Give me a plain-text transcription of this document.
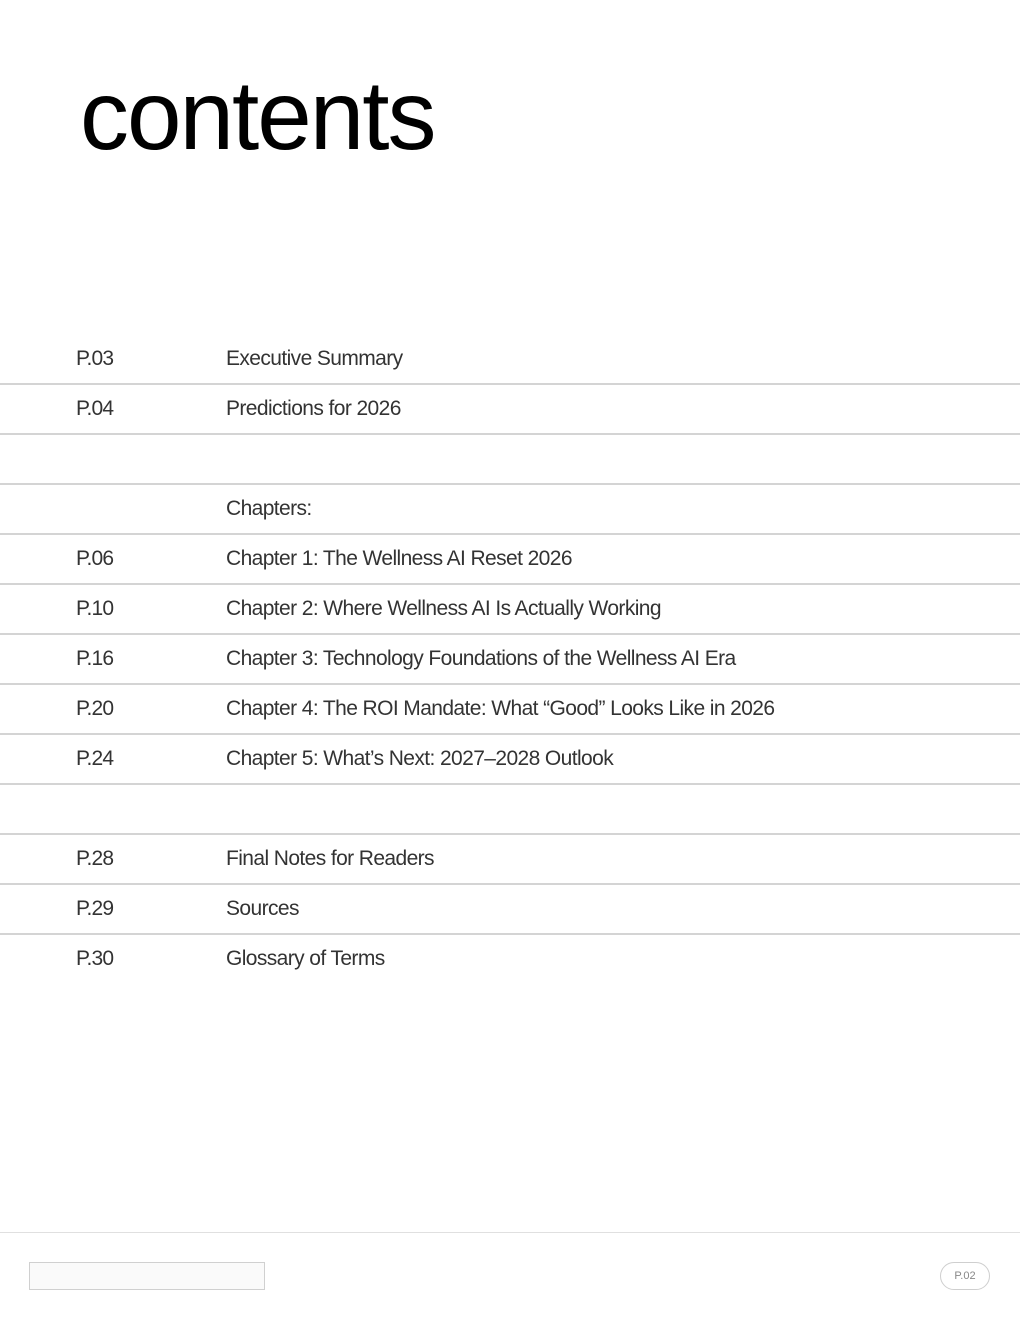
contents
P.03	Executive Summary
P.04	Predictions for 2026
Chapters:
P.06	Chapter 1: The Wellness AI Reset 2026
P.10	Chapter 2: Where Wellness AI Is Actually Working
P.16	Chapter 3: Technology Foundations of the Wellness AI Era
P.20	Chapter 4: The ROI Mandate: What “Good” Looks Like in 2026
P.24	Chapter 5: What’s Next: 2027–2028 Outlook
P.28	Final Notes for Readers
P.29	Sources
P.30	Glossary of Terms
P.02
